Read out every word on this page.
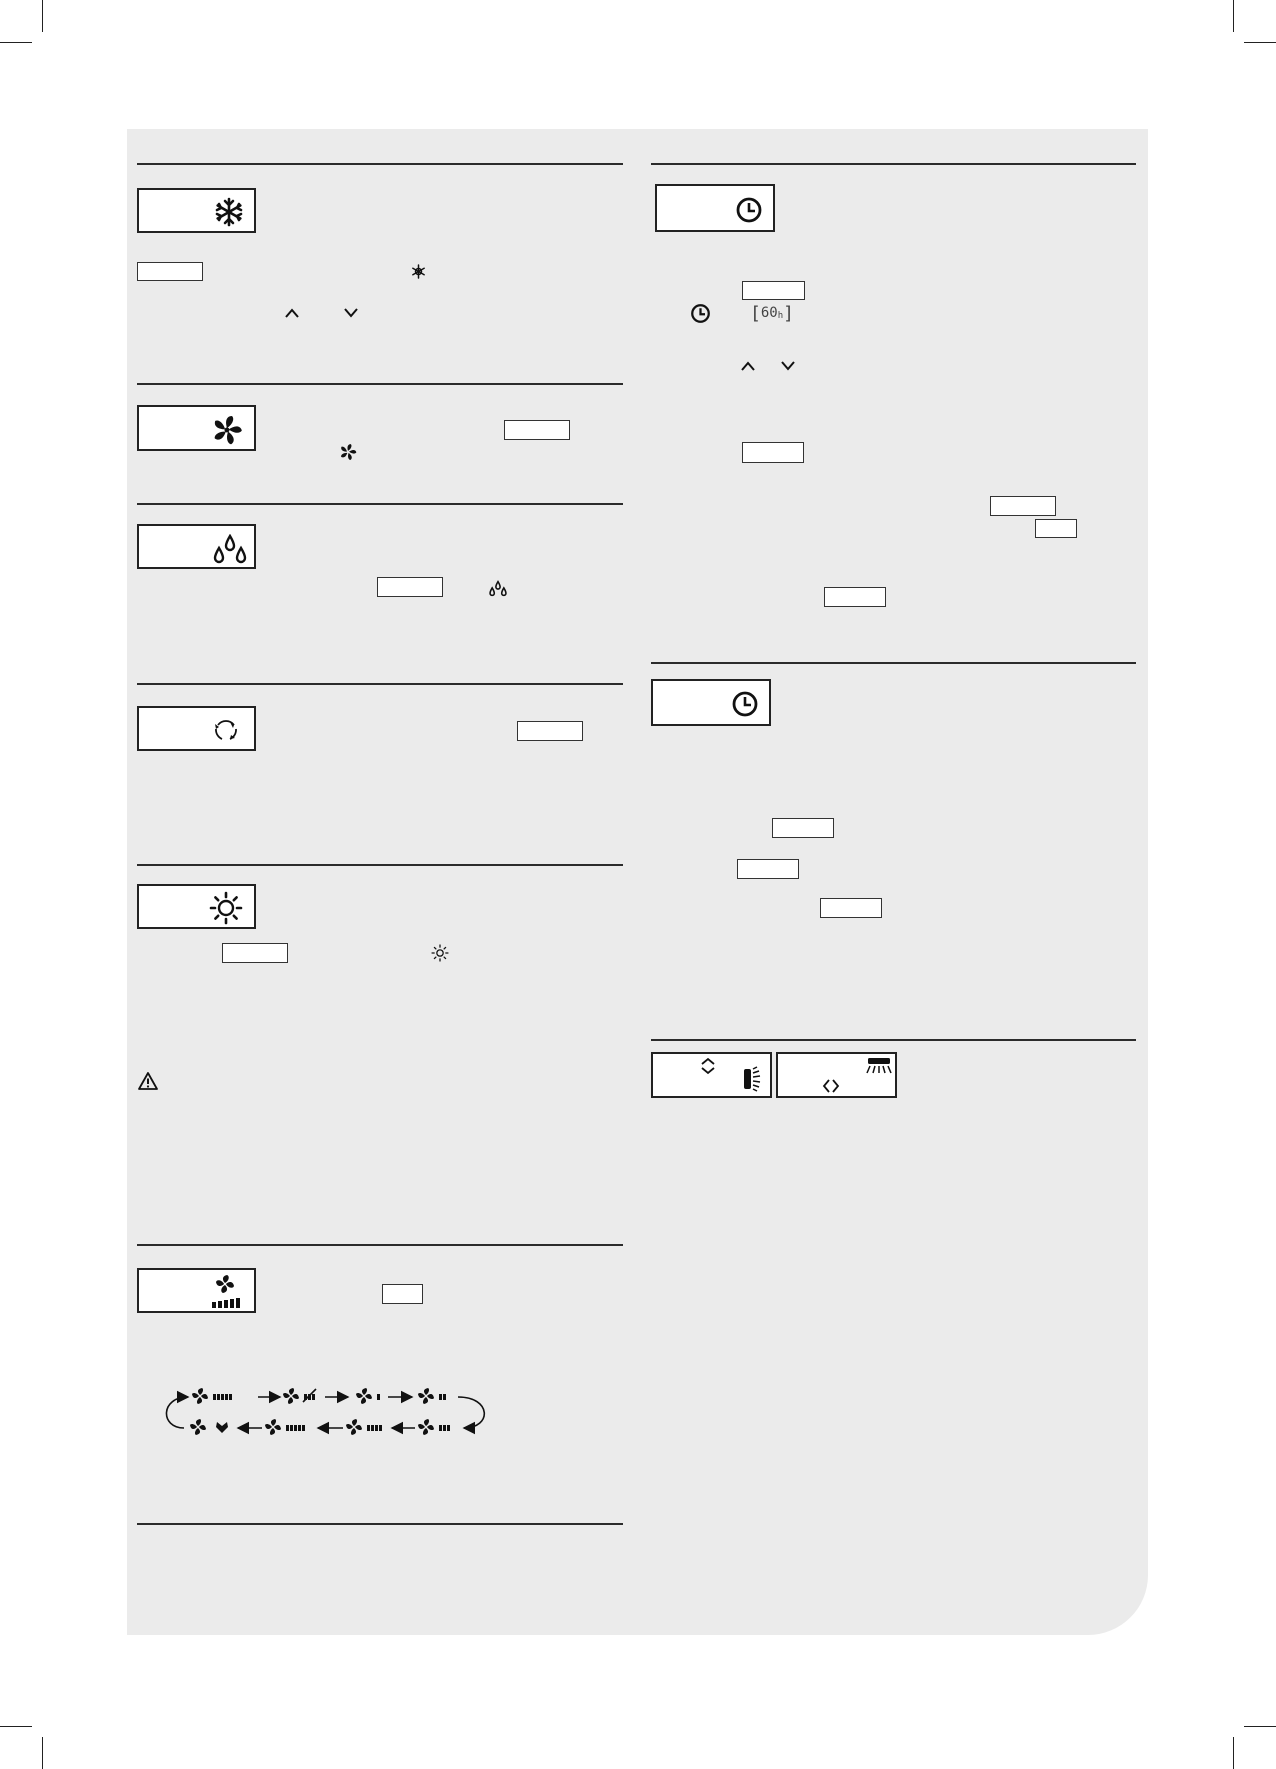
[ 60 h ]
